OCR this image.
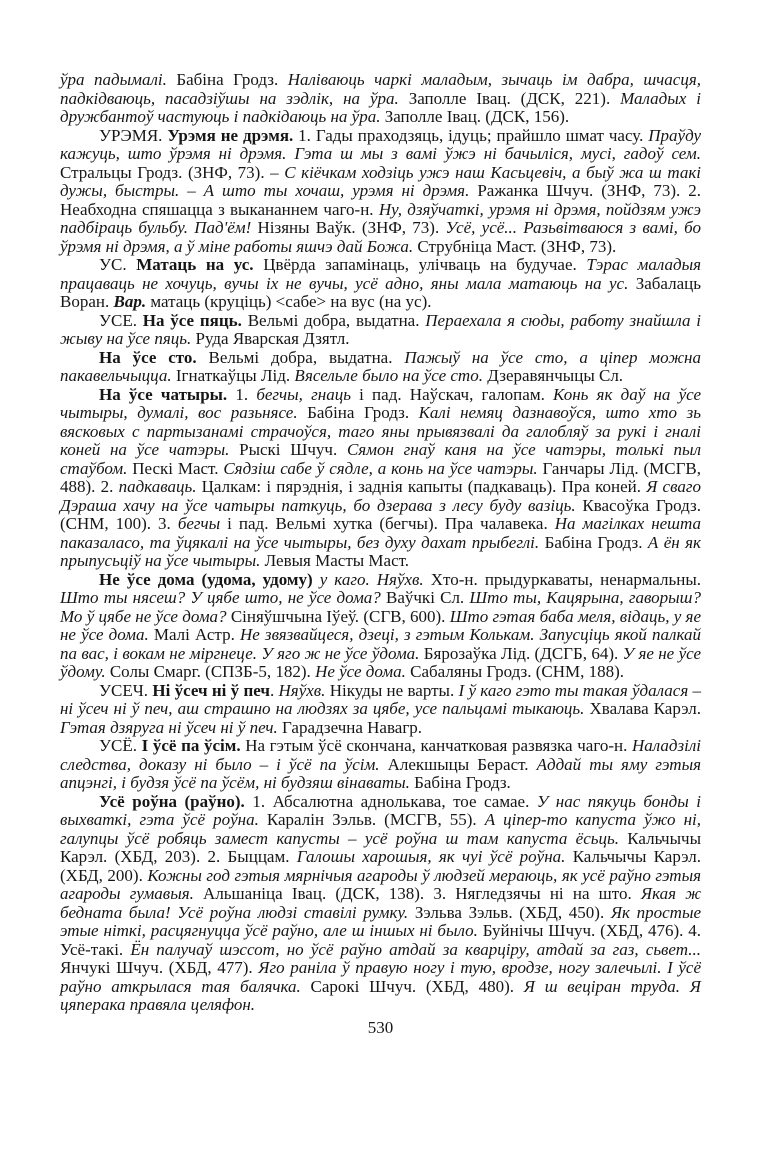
ўра падымалі. Бабіна Гродз. Наліваюць чаркі маладым, зычаць ім дабра, шчасця, падкідваюць, пасадзіўшы на зэдлік, на ўра. Заполле Івац. (ДСК, 221). Маладых і дружбантоў частуюць і падкідаюць на ўра. Заполле Івац. (ДСК, 156).

УРЭМЯ. Урэмя не дрэмя. 1. Гады праходзяць, ідуць; прайшло шмат часу. Праўду кажуць, што ўрэмя ні дрэмя. Гэта ш мы з вамі ўжэ ні бачыліся, мусі, гадоў сем. Стральцы Гродз. (ЗНФ, 73). – С кіёчкам ходзіць ужэ наш Касьцевіч, а быў жа ш такі дужы, быстры. – А што ты хочаш, урэмя ні дрэмя. Ражанка Шчуч. (ЗНФ, 73). 2. Неабходна спяшацца з выкананнем чаго-н. Ну, дзяўчаткі, урэмя ні дрэмя, пойдзям ужэ падбіраць бульбу. Пад'ём! Нізяны Ваўк. (ЗНФ, 73). Усё, усё... Разьвітваюся з вамі, бо ўрэмя ні дрэмя, а ў міне работы яшчэ дай Божа. Струбніца Маст. (ЗНФ, 73).

УС. Матаць на ус. Цвёрда запамінаць, улічваць на будучае. Тэрас маладыя працаваць не хочуць, вучы іх не вучы, усё адно, яны мала матаюць на ус. Забалаць Воран. Вар. матаць (круціць) <сабе> на вус (на ус).

УСЕ. На ўсе пяць. Вельмі добра, выдатна. Пераехала я сюды, работу знайшла і жыву на ўсе пяць. Руда Яварская Дзятл.

На ўсе сто. Вельмі добра, выдатна. Пажыў на ўсе сто, а ціпер можна пакавельчыцца. Ігнаткаўцы Лід. Вясельле было на ўсе сто. Дзеравянчыцы Сл.

На ўсе чатыры. 1. бегчы, гнаць і пад. Наўскач, галопам. Конь як даў на ўсе чытыры, думалі, вос разьнясе. Бабіна Гродз. Калі немяц дазнавоўся, што хто зь вясковых с партызанамі страчоўся, таго яны прывязвалі да галобляў за рукі і гналі коней на ўсе чатэры. Рыскі Шчуч. Сямон гнаў каня на ўсе чатэры, толькі пыл стаўбом. Пескі Маст. Сядзіш сабе ў сядле, а конь на ўсе чатэры. Ганчары Лід. (МСГВ, 488). 2. падкаваць. Цалкам: і пярэднія, і заднія капыты (падкаваць). Пра коней. Я сваго Дэраша хачу на ўсе чатыры паткуць, бо дзерава з лесу буду вазіць. Квасоўка Гродз. (СНМ, 100). 3. бегчы і пад. Вельмі хутка (бегчы). Пра чалавека. На магілках нешта паказаласо, та ўцякалі на ўсе чытыры, без духу дахат прыбеглі. Бабіна Гродз. А ён як прыпусьціў на ўсе чытыры. Левыя Масты Маст.

Не ўсе дома (удома, удому) у каго. Няўхв. Хто-н. прыдуркаваты, ненармальны. Што ты нясеш? У цябе што, не ўсе дома? Ваўчкі Сл. Што ты, Кацярына, гаворыш? Мо ў цябе не ўсе дома? Сіняўшчына Іўеў. (СГВ, 600). Што гэтая баба меля, відаць, у яе не ўсе дома. Малі Астр. Не звязвайцеся, дзеці, з гэтым Колькам. Запусціць якой палкай па вас, і вокам не міргнеце. У яго ж не ўсе ўдома. Бярозаўка Лід. (ДСГБ, 64). У яе не ўсе ўдому. Солы Смарг. (СПЗБ-5, 182). Не ўсе дома. Сабаляны Гродз. (СНМ, 188).

УСЕЧ. Ні ўсеч ні ў печ. Няўхв. Нікуды не варты. І ў каго гэто ты такая ўдалася – ні ўсеч ні ў печ, аш страшно на людзях за цябе, усе пальцамі тыкаюць. Хвалава Карэл. Гэтая дзяруга ні ўсеч ні ў печ. Гарадзечна Навагр.

УСЁ. І ўсё па ўсім. На гэтым ўсё скончана, канчатковая развязка чаго-н. Наладзілі следства, доказу ні было – і ўсё па ўсім. Алекшыцы Бераст. Аддай ты яму гэтыя апцэнгі, і будзя ўсё па ўсём, ні будзяш вінаваты. Бабіна Гродз.

Усё роўна (раўно). 1. Абсалютна аднолькава, тое самае. У нас пякуць бонды і выхваткі, гэта ўсё роўна. Каралін Зэльв. (МСГВ, 55). А ціпер-то капуста ўжо ні, галупцы ўсё робяць замест капусты – усё роўна ш там капуста ёсьць. Кальчычы Карэл. (ХБД, 203). 2. Быццам. Галошы харошыя, як чуі ўсё роўна. Кальчычы Карэл. (ХБД, 200). Кожны год гэтыя мярнічыя агароды ў людзей мераюць, як усё раўно гэтыя агароды гумавыя. Альшаніца Івац. (ДСК, 138). 3. Нягледзячы ні на што. Якая ж бедната была! Усё роўна людзі ставілі румку. Зэльва Зэльв. (ХБД, 450). Як простые этые ніткі, расцягнуцца ўсё раўно, але ш іншых ні было. Буйнічы Шчуч. (ХБД, 476). 4. Усё-такі. Ён палучаў шэссот, но ўсё раўно атдай за кварціру, атдай за газ, сьвет... Янчукі Шчуч. (ХБД, 477). Яго раніла ў правую ногу і тую, вродзе, ногу залечылі. І ўсё раўно аткрылася тая балячка. Сарокі Шчуч. (ХБД, 480). Я ш веціран труда. Я цяперака правяла целяфон.

530
